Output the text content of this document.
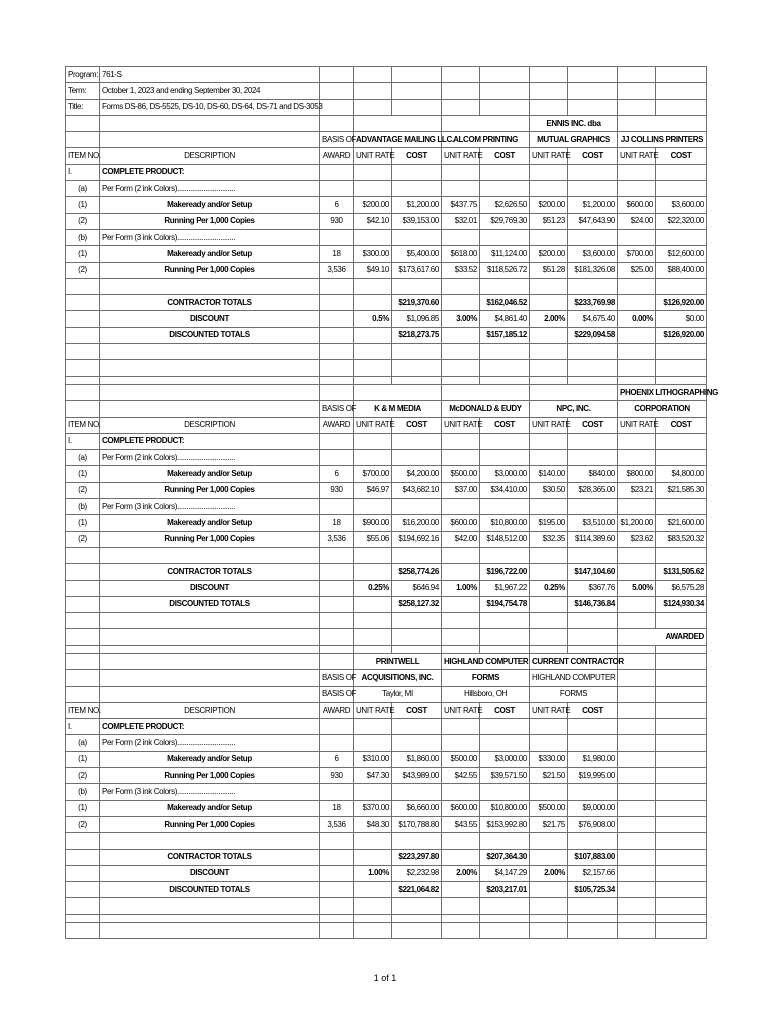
Program:	761-S									
Term:	October 1, 2023 and ending September 30, 2024									
Title:	Forms DS-86, DS-5525, DS-10, DS-60, DS-64, DS-71 and DS-3053									
							ENNIS INC. dba			
		BASIS OF	ADVANTAGE MAILING LLC.		ALCOM PRINTING		MUTUAL GRAPHICS		JJ COLLINS PRINTERS	
ITEM NO.	DESCRIPTION	AWARD	UNIT RATE	COST	UNIT RATE	COST	UNIT RATE	COST	UNIT RATE	COST
I.	COMPLETE PRODUCT:									
(a)	Per Form (2 ink Colors)...............................									
(1)	Makeready and/or Setup	6	$200.00	$1,200.00	$437.75	$2,626.50	$200.00	$1,200.00	$600.00	$3,600.00
(2)	Running Per 1,000 Copies	930	$42.10	$39,153.00	$32.01	$29,769.30	$51.23	$47,643.90	$24.00	$22,320.00
(b)	Per Form (3 ink Colors)...............................									
(1)	Makeready and/or Setup	18	$300.00	$5,400.00	$618.00	$11,124.00	$200.00	$3,600.00	$700.00	$12,600.00
(2)	Running Per 1,000 Copies	3,536	$49.10	$173,617.60	$33.52	$118,526.72	$51.28	$181,326.08	$25.00	$88,400.00

	CONTRACTOR TOTALS			$219,370.60		$162,046.52		$233,769.98		$126,920.00
	DISCOUNT		0.5%	$1,096.85	3.00%	$4,861.40	2.00%	$4,675.40	0.00%	$0.00
	DISCOUNTED TOTALS			$218,273.75		$157,185.12		$229,094.58		$126,920.00

									PHOENIX LITHOGRAPHING	
		BASIS OF	K & M MEDIA		McDONALD & EUDY		NPC, INC.		CORPORATION	
ITEM NO.	DESCRIPTION	AWARD	UNIT RATE	COST	UNIT RATE	COST	UNIT RATE	COST	UNIT RATE	COST
I.	COMPLETE PRODUCT:									
(a)	Per Form (2 ink Colors)...............................									
(1)	Makeready and/or Setup	6	$700.00	$4,200.00	$500.00	$3,000.00	$140.00	$840.00	$800.00	$4,800.00
(2)	Running Per 1,000 Copies	930	$46.97	$43,682.10	$37.00	$34,410.00	$30.50	$28,365.00	$23.21	$21,585.30
(b)	Per Form (3 ink Colors)...............................									
(1)	Makeready and/or Setup	18	$900.00	$16,200.00	$600.00	$10,800.00	$195.00	$3,510.00	$1,200.00	$21,600.00
(2)	Running Per 1,000 Copies	3,536	$55.06	$194,692.16	$42.00	$148,512.00	$32.35	$114,389.60	$23.62	$83,520.32

	CONTRACTOR TOTALS			$258,774.26		$196,722.00		$147,104.60		$131,505.62
	DISCOUNT		0.25%	$646.94	1.00%	$1,967.22	0.25%	$367.76	5.00%	$6,575.28
	DISCOUNTED TOTALS			$258,127.32		$194,754.78		$146,736.84		$124,930.34

									AWARDED	

			PRINTWELL		HIGHLAND COMPUTER		CURRENT CONTRACTOR			
		BASIS OF	ACQUISITIONS, INC.		FORMS		HIGHLAND COMPUTER			
		BASIS OF	Taylor, MI		Hillsboro, OH		FORMS			
ITEM NO.	DESCRIPTION	AWARD	UNIT RATE	COST	UNIT RATE	COST	UNIT RATE	COST		
I.	COMPLETE PRODUCT:									
(a)	Per Form (2 ink Colors)...............................									
(1)	Makeready and/or Setup	6	$310.00	$1,860.00	$500.00	$3,000.00	$330.00	$1,980.00		
(2)	Running Per 1,000 Copies	930	$47.30	$43,989.00	$42.55	$39,571.50	$21.50	$19,995.00		
(b)	Per Form (3 ink Colors)...............................									
(1)	Makeready and/or Setup	18	$370.00	$6,660.00	$600.00	$10,800.00	$500.00	$9,000.00		
(2)	Running Per 1,000 Copies	3,536	$48.30	$170,788.80	$43.55	$153,992.80	$21.75	$76,908.00		

	CONTRACTOR TOTALS			$223,297.80		$207,364.30		$107,883.00		
	DISCOUNT		1.00%	$2,232.98	2.00%	$4,147.29	2.00%	$2,157.66		
	DISCOUNTED TOTALS			$221,064.82		$203,217.01		$105,725.34		

1 of 1
